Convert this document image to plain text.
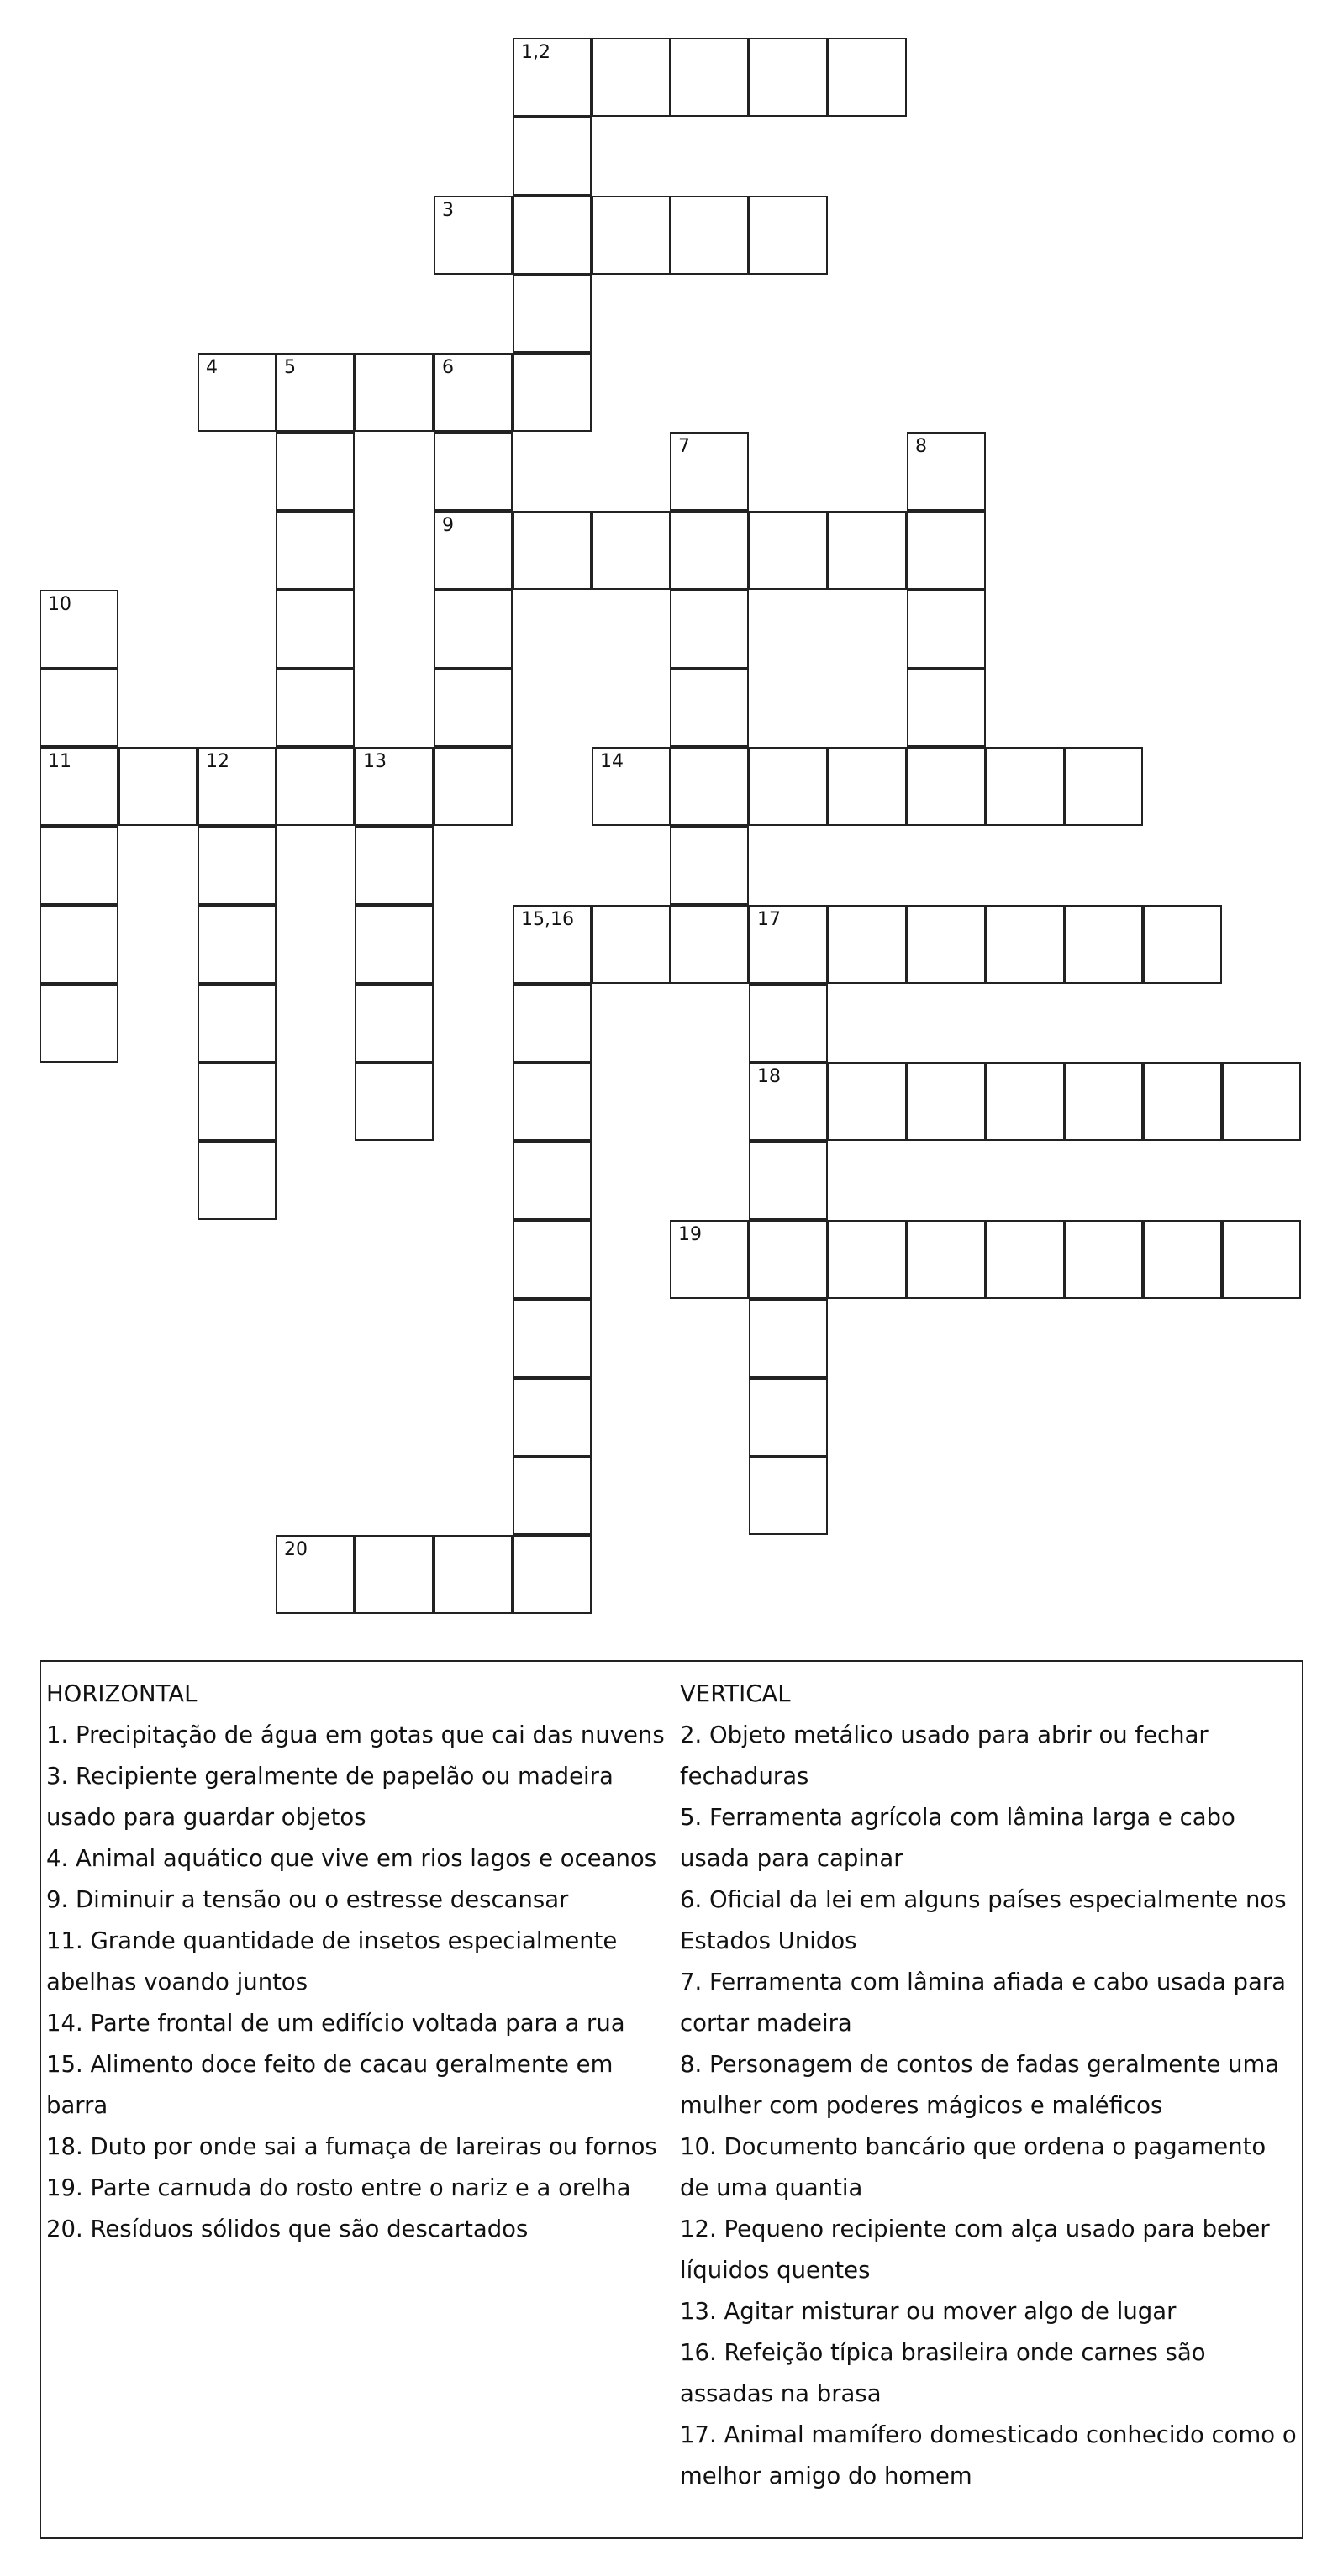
1,2
3
4	5	6
7	8
9
10
11	12	13	14
15,16	17
18
19
20

HORIZONTAL

1. Precipitação de água em gotas que cai das nuvens

3. Recipiente geralmente de papelão ou madeira usado para guardar objetos

4. Animal aquático que vive em rios lagos e oceanos

9. Diminuir a tensão ou o estresse descansar

11. Grande quantidade de insetos especialmente abelhas voando juntos

14. Parte frontal de um edifício voltada para a rua

15. Alimento doce feito de cacau geralmente em barra

18. Duto por onde sai a fumaça de lareiras ou fornos

19. Parte carnuda do rosto entre o nariz e a orelha

20. Resíduos sólidos que são descartados

VERTICAL

2. Objeto metálico usado para abrir ou fechar fechaduras

5. Ferramenta agrícola com lâmina larga e cabo usada para capinar

6. Oficial da lei em alguns países especialmente nos Estados Unidos

7. Ferramenta com lâmina afiada e cabo usada para cortar madeira

8. Personagem de contos de fadas geralmente uma mulher com poderes mágicos e maléficos

10. Documento bancário que ordena o pagamento de uma quantia

12. Pequeno recipiente com alça usado para beber líquidos quentes

13. Agitar misturar ou mover algo de lugar

16. Refeição típica brasileira onde carnes são assadas na brasa

17. Animal mamífero domesticado conhecido como o melhor amigo do homem
